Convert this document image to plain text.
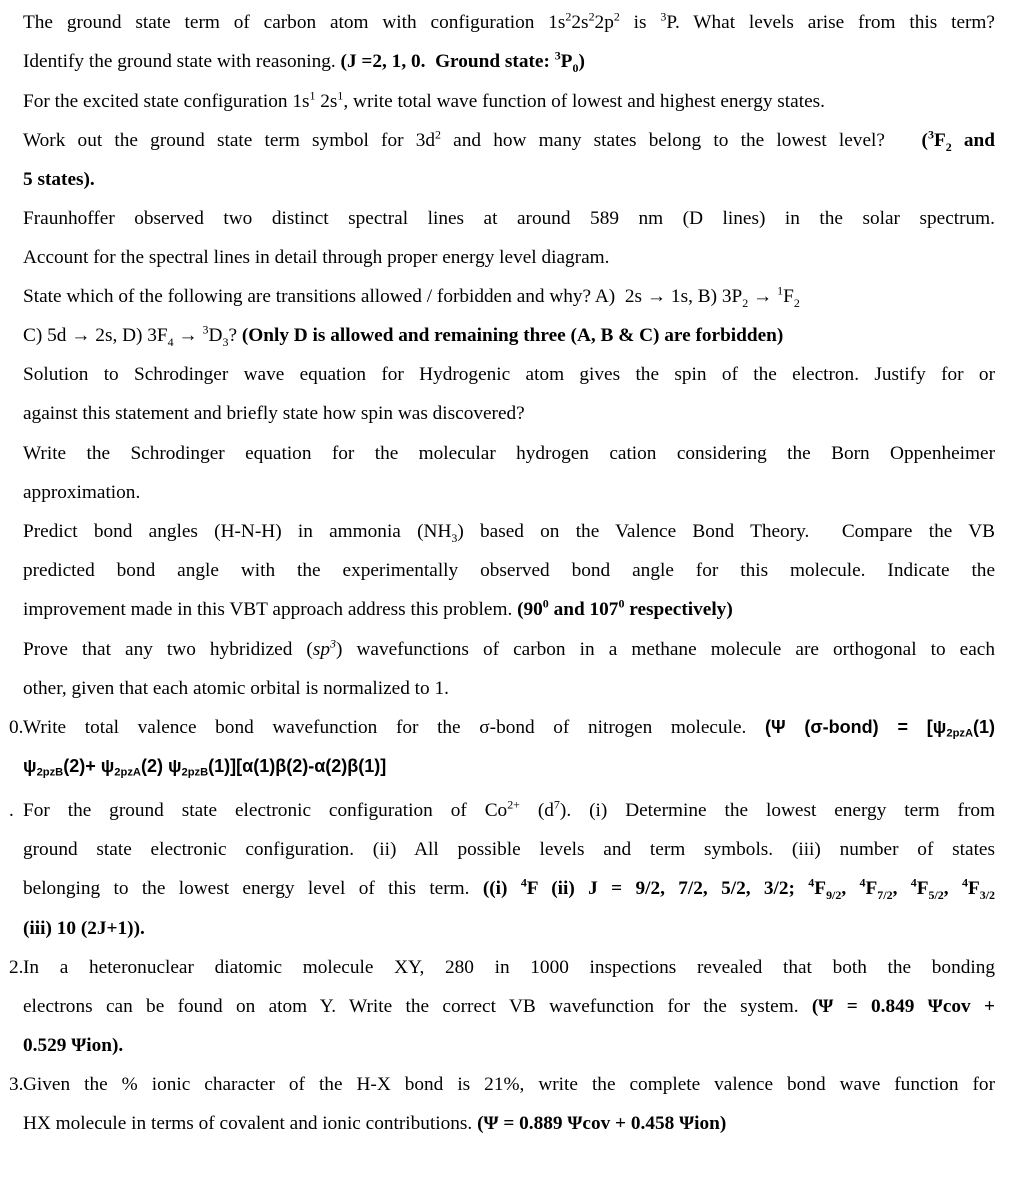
The ground state term of carbon atom with configuration $1s^22s^22p^2$ is $^3$P. What levels arise from this term?
Identify the ground state with reasoning. (J =2, 1, 0.  Ground state: $^3P_0$)
For the excited state configuration $1s^1$ $2s^1$, write total wave function of lowest and highest energy states.
Work out the ground state term symbol for $3d^2$ and how many states belong to the lowest level?   ($^3F_2$ and
5 states).
Fraunhoffer observed two distinct spectral lines at around 589 nm (D lines) in the solar spectrum.
Account for the spectral lines in detail through proper energy level diagram.
State which of the following are transitions allowed / forbidden and why? A)  2s → 1s, B) $3P_2 \to ^1F_2$
C) 5d → 2s, D) $3F_4 \to ^3D_3$? (Only D is allowed and remaining three (A, B & C) are forbidden)
Solution to Schrodinger wave equation for Hydrogenic atom gives the spin of the electron. Justify for or
against this statement and briefly state how spin was discovered?
Write the Schrodinger equation for the molecular hydrogen cation considering the Born Oppenheimer
approximation.
Predict bond angles (H-N-H) in ammonia $(NH_3)$ based on the Valence Bond Theory.  Compare the VB
predicted bond angle with the experimentally observed bond angle for this molecule. Indicate the
improvement made in this VBT approach address this problem. ($90^0$ and $107^0$ respectively)
Prove that any two hybridized $(sp^3)$ wavefunctions of carbon in a methane molecule are orthogonal to each
other, given that each atomic orbital is normalized to 1.
0. Write total valence bond wavefunction for the σ-bond of nitrogen molecule. (Ψ (σ-bond) = [ψ2pzA(1)
ψ2pzB(2)+ ψ2pzA(2) ψ2pzB(1)][α(1)β(2)-α(2)β(1)]
. For the ground state electronic configuration of $Co^{2+}$ $(d^7)$. (i) Determine the lowest energy term from
ground state electronic configuration. (ii) All possible levels and term symbols. (iii) number of states
belonging to the lowest energy level of this term. ((i) $^4$F (ii) J = 9/2, 7/2, 5/2, 3/2; $^4F_{9/2}$, $^4F_{7/2}$, $^4F_{5/2}$, $^4F_{3/2}$
(iii) 10 (2J+1)).
2. In a heteronuclear diatomic molecule XY, 280 in 1000 inspections revealed that both the bonding
electrons can be found on atom Y. Write the correct VB wavefunction for the system. (Ψ = 0.849 Ψcov +
0.529 Ψion).
3. Given the % ionic character of the H-X bond is 21%, write the complete valence bond wave function for
HX molecule in terms of covalent and ionic contributions. (Ψ = 0.889 Ψcov + 0.458 Ψion)
